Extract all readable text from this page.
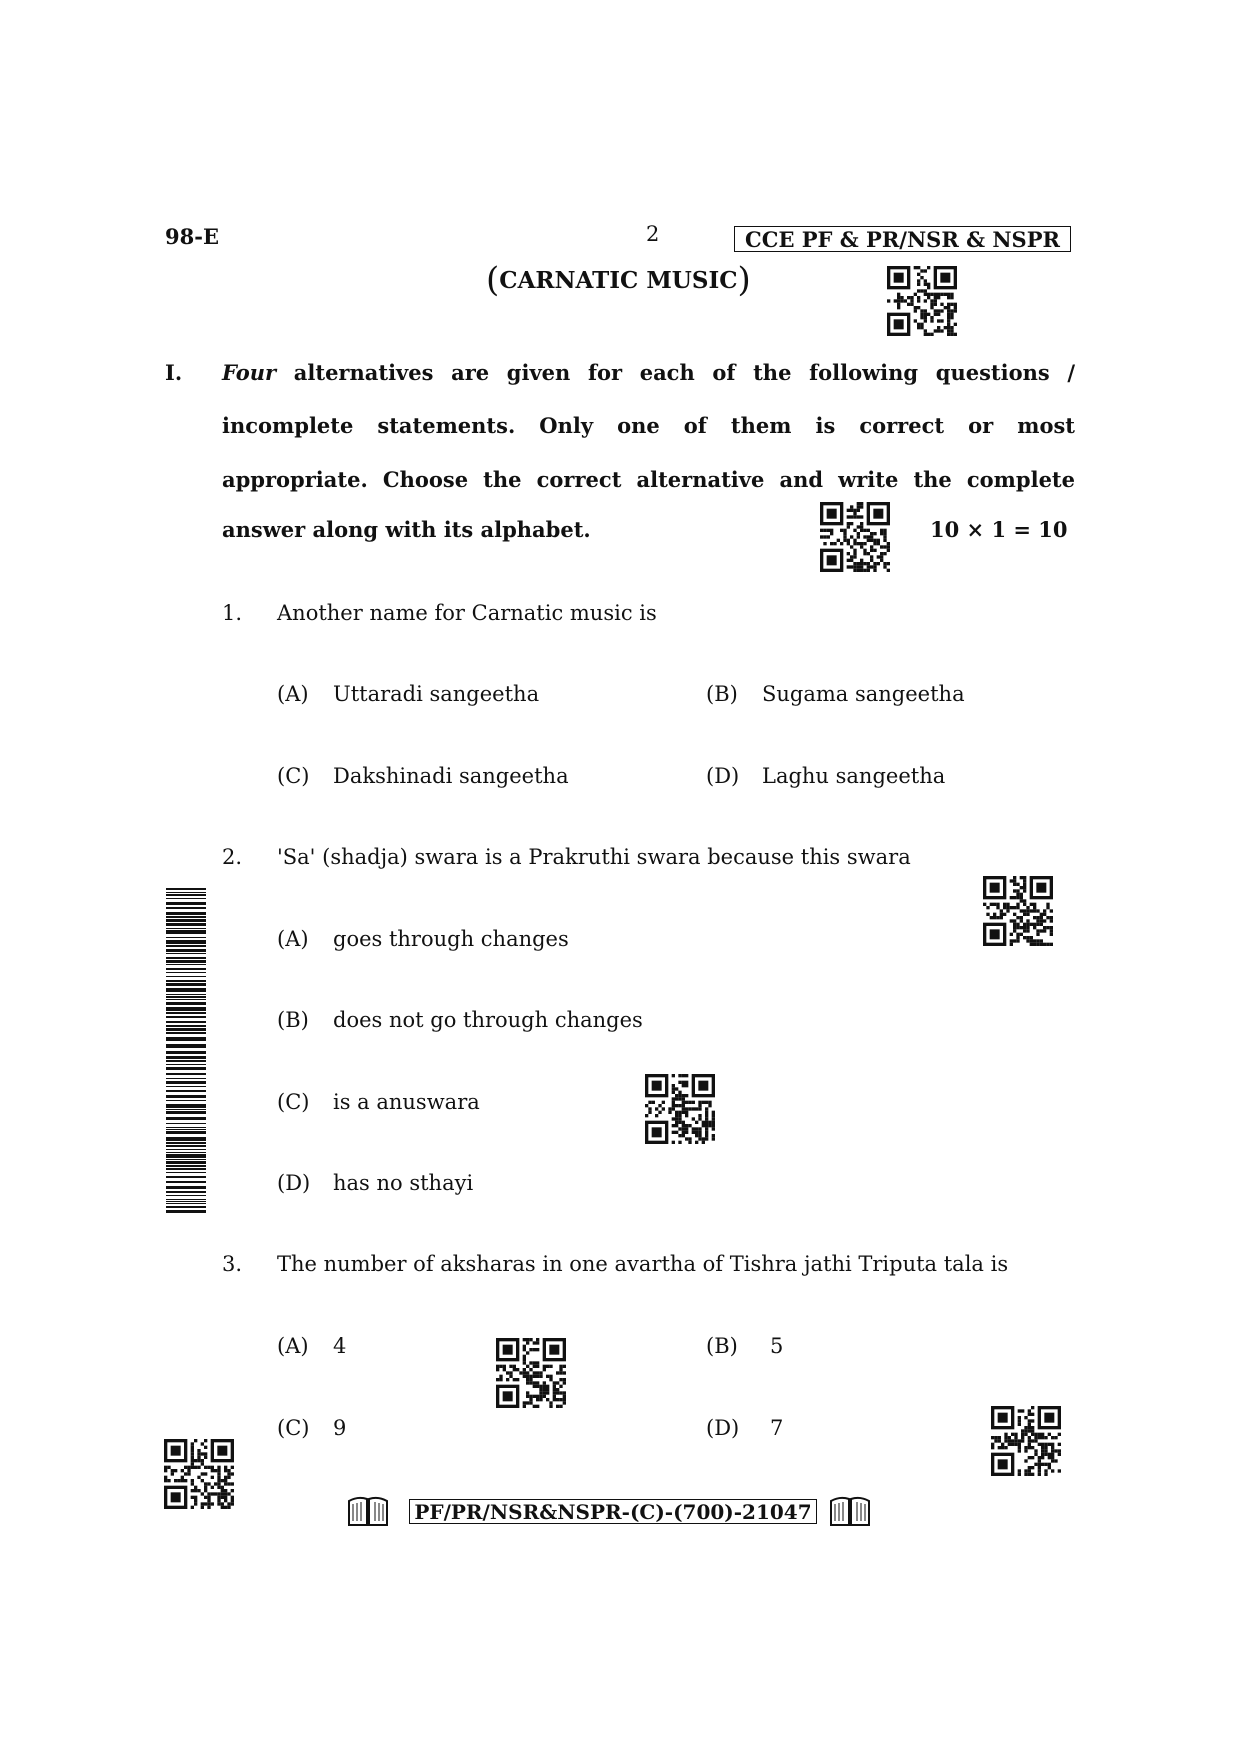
98-E	2	CCE PF & PR/NSR & NSPR
(CARNATIC MUSIC)
I. Four alternatives are given for each of the following questions /
incomplete statements. Only one of them is correct or most
appropriate. Choose the correct alternative and write the complete
answer along with its alphabet.	10 × 1 = 10
1. Another name for Carnatic music is
(A) Uttaradi sangeetha	(B) Sugama sangeetha
(C) Dakshinadi sangeetha	(D) Laghu sangeetha
2. 'Sa' (shadja) swara is a Prakruthi swara because this swara
(A) goes through changes
(B) does not go through changes
(C) is a anuswara
(D) has no sthayi
3. The number of aksharas in one avartha of Tishra jathi Triputa tala is
(A) 4	(B) 5
(C) 9	(D) 7
PF/PR/NSR&NSPR-(C)-(700)-21047
